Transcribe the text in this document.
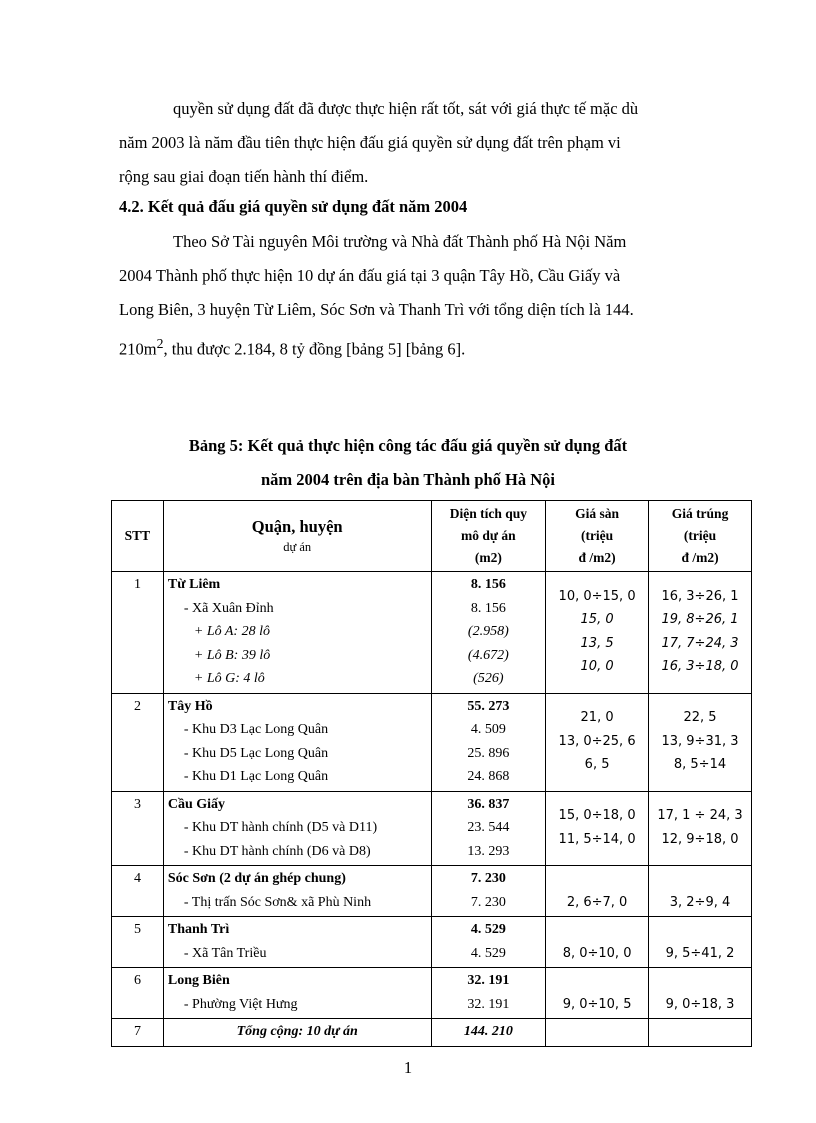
quyền sử dụng đất đã được thực hiện rất tốt, sát với giá thực tế mặc dù
năm 2003 là năm đầu tiên thực hiện đấu giá quyền sử dụng đất trên phạm vi
rộng sau giai đoạn tiến hành thí điểm.

4.2. Kết quả đấu giá quyền sử dụng đất năm 2004

Theo Sở Tài nguyên Môi trường và Nhà đất Thành phố Hà Nội Năm
2004 Thành phố thực hiện 10 dự án đấu giá tại 3 quận Tây Hồ, Cầu Giấy và
Long Biên, 3 huyện Từ Liêm, Sóc Sơn và Thanh Trì với tổng diện tích là 144.
$210m^2$, thu được 2.184, 8 tỷ đồng [bảng 5] [bảng 6].

Bảng 5: Kết quả thực hiện công tác đấu giá quyền sử dụng đất

năm 2004 trên địa bàn Thành phố Hà Nội

STT	Quận, huyện
dự án	Diện tích quy
mô dự án
(m2)	Giá sàn
(triệu
đ /m2)	Giá trúng
(triệu
đ /m2)

1	Từ Liêm
- Xã Xuân Đỉnh
+ Lô A: 28 lô
+ Lô B: 39 lô
+ Lô G: 4 lô	8. 156
8. 156
(2.958)
(4.672)
(526)	10, 0÷15, 0
15, 0
13, 5
10, 0	16, 3÷26, 1
19, 8÷26, 1
17, 7÷24, 3
16, 3÷18, 0

2	Tây Hồ
- Khu D3 Lạc Long Quân
- Khu D5 Lạc Long Quân
- Khu D1 Lạc Long Quân	55. 273
4. 509
25. 896
24. 868	21, 0
13, 0÷25, 6
6, 5	22, 5
13, 9÷31, 3
8, 5÷14

3	Cầu Giấy
- Khu DT hành chính (D5 và D11)
- Khu DT hành chính (D6 và D8)	36. 837
23. 544
13. 293	15, 0÷18, 0
11, 5÷14, 0	17, 1 ÷ 24, 3
12, 9÷18, 0

4	Sóc Sơn (2 dự án ghép chung)
- Thị trấn Sóc Sơn& xã Phù Ninh	7. 230
7. 230	2, 6÷7, 0	3, 2÷9, 4

5	Thanh Trì
- Xã Tân Triều	4. 529
4. 529	8, 0÷10, 0	9, 5÷41, 2

6	Long Biên
- Phường Việt Hưng	32. 191
32. 191	9, 0÷10, 5	9, 0÷18, 3

7	Tổng cộng: 10 dự án	144. 210		

1
